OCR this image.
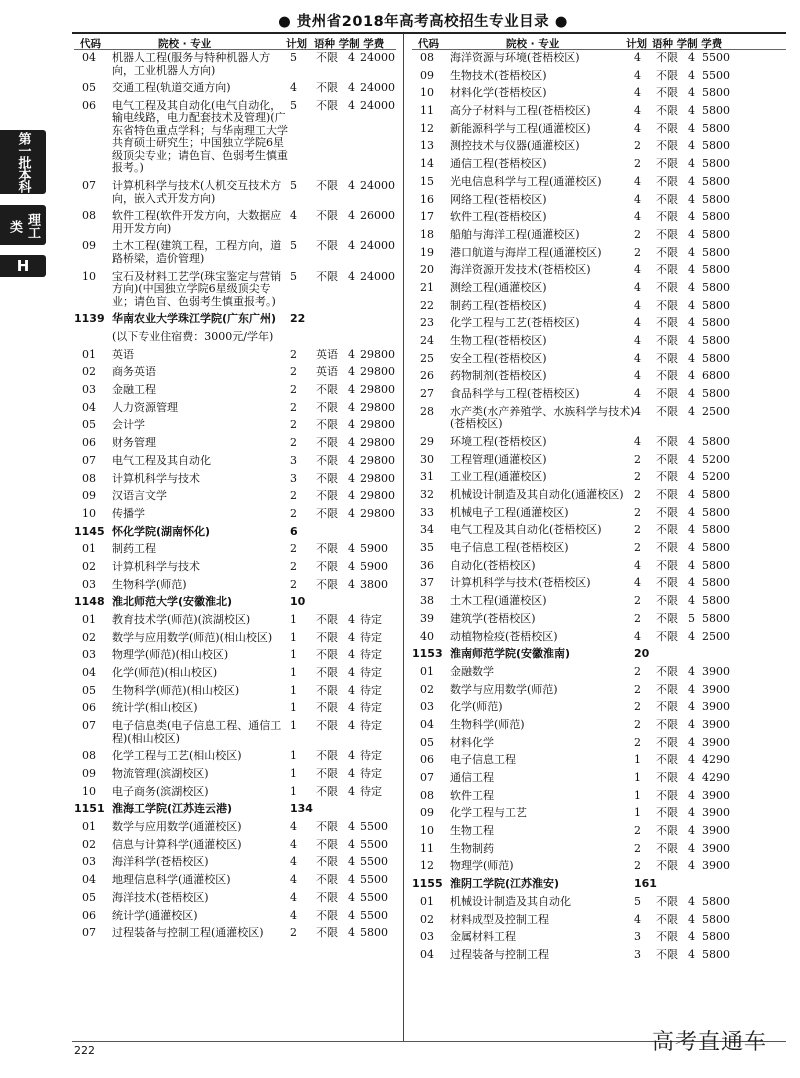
● 贵州省2018年高考高校招生专业目录 ●
第一批本科
理工类
H
代码	院校 · 专业	计划 语种 学制 学费
04 机器人工程(服务与特种机器人方向，工业机器人方向)
5 不限 4 24000
05 交通工程(轨道交通方向)	4 不限 4 24000
06 电气工程及其自动化(电气自动化，输电线路，电力配套技术及管理)(广东省特色重点学科；与华南理工大学共育硕士研究生；中国独立学院6星级顶尖专业；请色盲、色弱考生慎重报考。)
5 不限 4 24000
07 计算机科学与技术(人机交互技术方向，嵌入式开发方向)
5 不限 4 24000
08 软件工程(软件开发方向，大数据应用开发方向)
4 不限 4 26000
09 土木工程(建筑工程，工程方向，道路桥梁，造价管理)
5 不限 4 24000
10 宝石及材料工艺学(珠宝鉴定与营销方向)(中国独立学院6星级顶尖专业；请色盲、色弱考生慎重报考。)
5 不限 4 24000
1139 华南农业大学珠江学院(广东广州)	22
(以下专业住宿费：3000元/学年)
01 英语	2 英语 4 29800
02 商务英语	2 英语 4 29800
03 金融工程	2 不限 4 29800
04 人力资源管理	2 不限 4 29800
05 会计学	2 不限 4 29800
06 财务管理	2 不限 4 29800
07 电气工程及其自动化	3 不限 4 29800
08 计算机科学与技术	3 不限 4 29800
09 汉语言文学	2 不限 4 29800
10 传播学	2 不限 4 29800
1145 怀化学院(湖南怀化)	6
01 制药工程	2 不限 4 5900
02 计算机科学与技术	2 不限 4 5900
03 生物科学(师范)	2 不限 4 3800
1148 淮北师范大学(安徽淮北)	10
01 教育技术学(师范)(滨湖校区)	1 不限 4 待定
02 数学与应用数学(师范)(相山校区)	1 不限 4 待定
03 物理学(师范)(相山校区)	1 不限 4 待定
04 化学(师范)(相山校区)	1 不限 4 待定
05 生物科学(师范)(相山校区)	1 不限 4 待定
06 统计学(相山校区)	1 不限 4 待定
07 电子信息类(电子信息工程、通信工程)(相山校区)
1 不限 4 待定
08 化学工程与工艺(相山校区)	1 不限 4 待定
09 物流管理(滨湖校区)	1 不限 4 待定
10 电子商务(滨湖校区)	1 不限 4 待定
1151 淮海工学院(江苏连云港)	134
01 数学与应用数学(通灌校区)	4 不限 4 5500
02 信息与计算科学(通灌校区)	4 不限 4 5500
03 海洋科学(苍梧校区)	4 不限 4 5500
04 地理信息科学(通灌校区)	4 不限 4 5500
05 海洋技术(苍梧校区)	4 不限 4 5500
06 统计学(通灌校区)	4 不限 4 5500
07 过程装备与控制工程(通灌校区)	2 不限 4 5800
代码	院校 · 专业	计划 语种 学制 学费
08 海洋资源与环境(苍梧校区)	4 不限 4 5500
09 生物技术(苍梧校区)	4 不限 4 5500
10 材料化学(苍梧校区)	4 不限 4 5800
11 高分子材料与工程(苍梧校区)	4 不限 4 5800
12 新能源科学与工程(通灌校区)	4 不限 4 5800
13 测控技术与仪器(通灌校区)	2 不限 4 5800
14 通信工程(苍梧校区)	2 不限 4 5800
15 光电信息科学与工程(通灌校区)	4 不限 4 5800
16 网络工程(苍梧校区)	4 不限 4 5800
17 软件工程(苍梧校区)	4 不限 4 5800
18 船舶与海洋工程(通灌校区)	2 不限 4 5800
19 港口航道与海岸工程(通灌校区)	2 不限 4 5800
20 海洋资源开发技术(苍梧校区)	4 不限 4 5800
21 测绘工程(通灌校区)	4 不限 4 5800
22 制药工程(苍梧校区)	4 不限 4 5800
23 化学工程与工艺(苍梧校区)	4 不限 4 5800
24 生物工程(苍梧校区)	4 不限 4 5800
25 安全工程(苍梧校区)	4 不限 4 5800
26 药物制剂(苍梧校区)	4 不限 4 6800
27 食品科学与工程(苍梧校区)	4 不限 4 5800
28 水产类(水产养殖学、水族科学与技术)(苍梧校区)
4 不限 4 2500
29 环境工程(苍梧校区)	4 不限 4 5800
30 工程管理(通灌校区)	2 不限 4 5200
31 工业工程(通灌校区)	2 不限 4 5200
32 机械设计制造及其自动化(通灌校区) 2 不限 4 5800
33 机械电子工程(通灌校区)	2 不限 4 5800
34 电气工程及其自动化(苍梧校区)	2 不限 4 5800
35 电子信息工程(苍梧校区)	2 不限 4 5800
36 自动化(苍梧校区)	4 不限 4 5800
37 计算机科学与技术(苍梧校区)	4 不限 4 5800
38 土木工程(通灌校区)	2 不限 4 5800
39 建筑学(苍梧校区)	2 不限 5 5800
40 动植物检疫(苍梧校区)	4 不限 4 2500
1153 淮南师范学院(安徽淮南)	20
01 金融数学	2 不限 4 3900
02 数学与应用数学(师范)	2 不限 4 3900
03 化学(师范)	2 不限 4 3900
04 生物科学(师范)	2 不限 4 3900
05 材料化学	2 不限 4 3900
06 电子信息工程	1 不限 4 4290
07 通信工程	1 不限 4 4290
08 软件工程	1 不限 4 3900
09 化学工程与工艺	1 不限 4 3900
10 生物工程	2 不限 4 3900
11 生物制药	2 不限 4 3900
12 物理学(师范)	2 不限 4 3900
1155 淮阴工学院(江苏淮安)	161
01 机械设计制造及其自动化	5 不限 4 5800
02 材料成型及控制工程	4 不限 4 5800
03 金属材料工程	3 不限 4 5800
04 过程装备与控制工程	3 不限 4 5800
222	高考直通车
